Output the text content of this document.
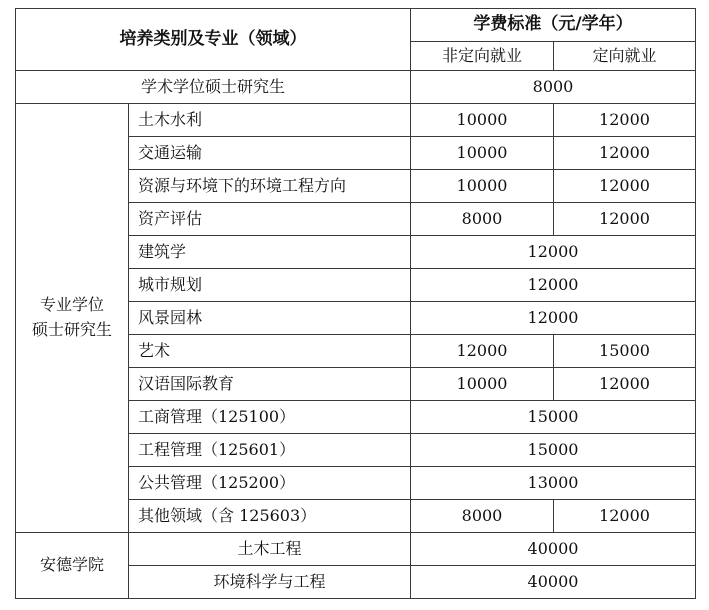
培养类别及专业（领域）		学费标准（元/学年）	
		非定向就业	定向就业
学术学位硕士研究生		8000	
专业学位
硕士研究生	土木水利	10000	12000
	交通运输	10000	12000
	资源与环境下的环境工程方向	10000	12000
	资产评估	8000	12000
	建筑学	12000	
	城市规划	12000	
	风景园林	12000	
	艺术	12000	15000
	汉语国际教育	10000	12000
	工商管理（125100）	15000	
	工程管理（125601）	15000	
	公共管理（125200）	13000	
	其他领域（含 125603）	8000	12000
安德学院	土木工程	40000	
	环境科学与工程	40000	
